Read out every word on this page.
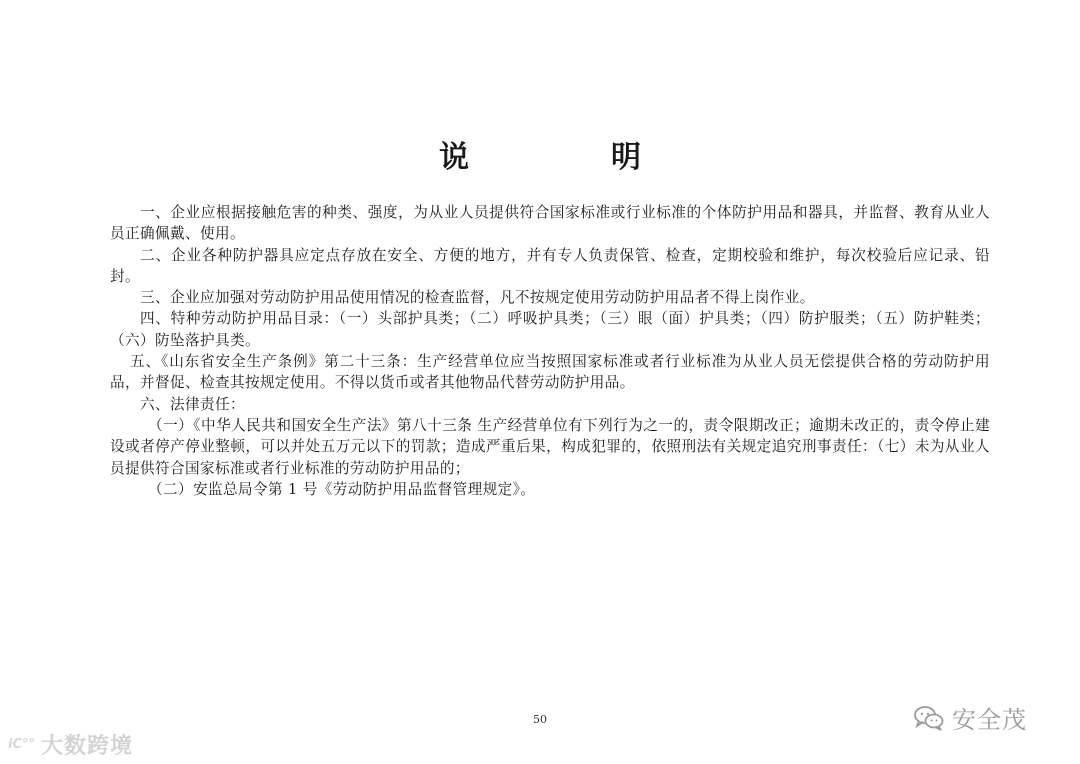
说　明

一、企业应根据接触危害的种类、强度，为从业人员提供符合国家标准或行业标准的个体防护用品和器具，并监督、教育从业人员正确佩戴、使用。

二、企业各种防护器具应定点存放在安全、方便的地方，并有专人负责保管、检查，定期校验和维护，每次校验后应记录、铅封。

三、企业应加强对劳动防护用品使用情况的检查监督，凡不按规定使用劳动防护用品者不得上岗作业。

四、特种劳动防护用品目录：（一）头部护具类；（二）呼吸护具类；（三）眼（面）护具类；（四）防护服类；（五）防护鞋类；（六）防坠落护具类。

五、《山东省安全生产条例》第二十三条：生产经营单位应当按照国家标准或者行业标准为从业人员无偿提供合格的劳动防护用品，并督促、检查其按规定使用。不得以货币或者其他物品代替劳动防护用品。

六、法律责任：

（一）《中华人民共和国安全生产法》第八十三条 生产经营单位有下列行为之一的，责令限期改正；逾期未改正的，责令停止建设或者停产停业整顿，可以并处五万元以下的罚款；造成严重后果，构成犯罪的，依照刑法有关规定追究刑事责任：（七）未为从业人员提供符合国家标准或者行业标准的劳动防护用品的；

（二）安监总局令第 1 号《劳动防护用品监督管理规定》。

50
iC°° 大数跨境
安全茂
